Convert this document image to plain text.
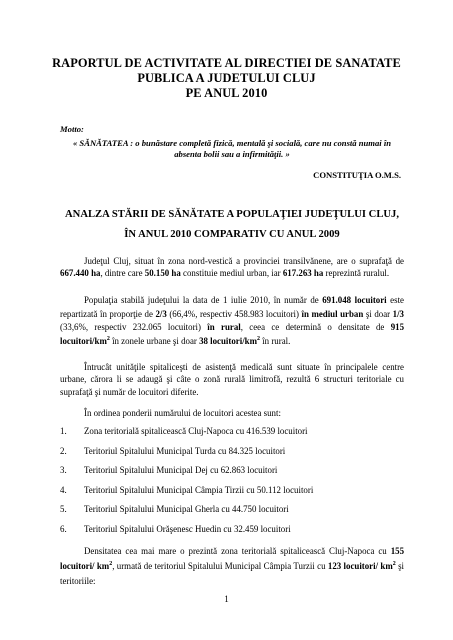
RAPORTUL DE ACTIVITATE AL DIRECTIEI DE SANATATE
PUBLICA A JUDETULUI CLUJ
PE ANUL 2010
Motto:
« SĂNĂTATEA : o bunăstare completă fizică, mentală şi socială, care nu constă numai în
absenta bolii sau a infirmităţii. »
CONSTITUŢIA O.M.S.
ANALZA STĂRII DE SĂNĂTATE A POPULAŢIEI JUDEŢULUI CLUJ,
ÎN ANUL 2010 COMPARATIV CU ANUL 2009

Judeţul Cluj, situat în zona nord-vestică a provinciei transilvănene, are o suprafaţă de 667.440 ha, dintre care 50.150 ha constituie mediul urban, iar 617.263 ha reprezintă ruralul.

Populaţia stabilă judeţului la data de 1 iulie 2010, în număr de 691.048 locuitori este repartizată în proporţie de 2/3 (66,4%, respectiv 458.983 locuitori) în mediul urban şi doar 1/3 (33,6%, respectiv 232.065 locuitori) în rural, ceea ce determină o densitate de 915 locuitori/$km^2$ în zonele urbane şi doar 38 locuitori/$km^2$ în rural.

Întrucât unităţile spitaliceşti de asistenţă medicală sunt situate în principalele centre urbane, cărora li se adaugă şi câte o zonă rurală limitrofă, rezultă 6 structuri teritoriale cu suprafaţă şi număr de locuitori diferite.

În ordinea ponderii numărului de locuitori acestea sunt:

1.	Zona teritorială spitalicească Cluj-Napoca cu 416.539 locuitori
2.	Teritoriul Spitalului Municipal Turda cu 84.325 locuitori
3.	Teritoriul Spitalului Municipal Dej cu 62.863 locuitori
4.	Teritoriul Spitalului Municipal Câmpia Tirzii cu 50.112 locuitori
5.	Teritoriul Spitalului Municipal Gherla cu 44.750 locuitori
6.	Teritoriul Spitalului Orăşenesc Huedin cu 32.459 locuitori

Densitatea cea mai mare o prezintă zona teritorială spitalicească Cluj-Napoca cu 155 locuitori/ $km^2$, urmată de teritoriul Spitalului Municipal Câmpia Turzii cu 123 locuitori/ $km^2$ şi teritoriile:

1
